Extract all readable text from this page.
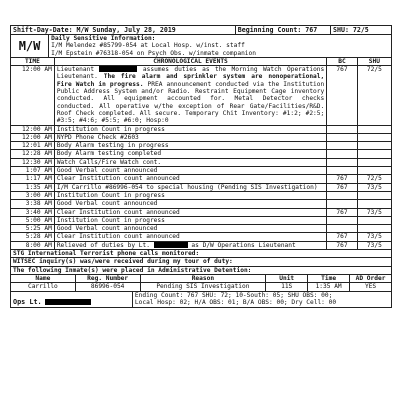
Shift-Day-Date: M/W Sunday, July 28, 2019	Beginning Count: 767	SHU: 72/5
M/W	
Daily Sensitive Information:
I/M Melendez #85799-054 at Local Hosp. w/inst. staff
I/M Epstein #76318-054 on Psych Obs. w/inmate companion
TIME	CHRONOLOGICAL EVENTS	BC	SHU
12:00 AM	Lieutenant assumes duties as the Morning Watch Operations Lieutenant. The fire alarm and sprinkler system are nonoperational, Fire Watch in progress. PREA announcement conducted via the Institution Public Address System and/or Radio. Restraint Equipment Cage inventory conducted. All equipment accounted for. Metal Detector checks conducted. All operative w/the exception of Rear Gate/Facilities/R&D. Roof Check completed. All secure. Temporary Chit Inventory: #1:2; #2:5; #3:5; #4:6; #5:5; #6:0; Hosp:0	767	72/5
12:00 AM	Institution Count in progress		
12:00 AM	NYPD Phone Check #2603		
12:01 AM	Body Alarm testing in progress		
12:28 AM	Body Alarm testing completed		
12:30 AM	Watch Calls/Fire Watch cont.		
1:07 AM	Good Verbal count announced		
1:17 AM	Clear Institution count announced	767	72/5
1:35 AM	I/M Carrillo #86996-054 to special housing (Pending SIS Investigation)	767	73/5
3:00 AM	Institution Count in progress		
3:38 AM	Good Verbal count announced		
3:40 AM	Clear Institution count announced	767	73/5
5:00 AM	Institution Count in progress		
5:25 AM	Good Verbal count announced		
5:28 AM	Clear Institution count announced	767	73/5
8:00 AM	Relieved of duties by Lt. as D/W Operations Lieutenant	767	73/5
STG International Terrorist phone calls monitored:
WITSEC inquiry(s) was/were received during my tour of duty:
The following Inmate(s) were placed in Administrative Detention:
Name	Reg. Number	Reason	Unit	Time	AD Order
Carrillo	86996-054	Pending SIS Investigation	11S	1:35 AM	YES
Ops Lt.	
Ending Count: 767 SHU: 72; 10-South: 05; SHU OBS: 00;
Local Hosp: 02; H/A OBS: 01; B/A OBS: 00; Dry Cell: 00
